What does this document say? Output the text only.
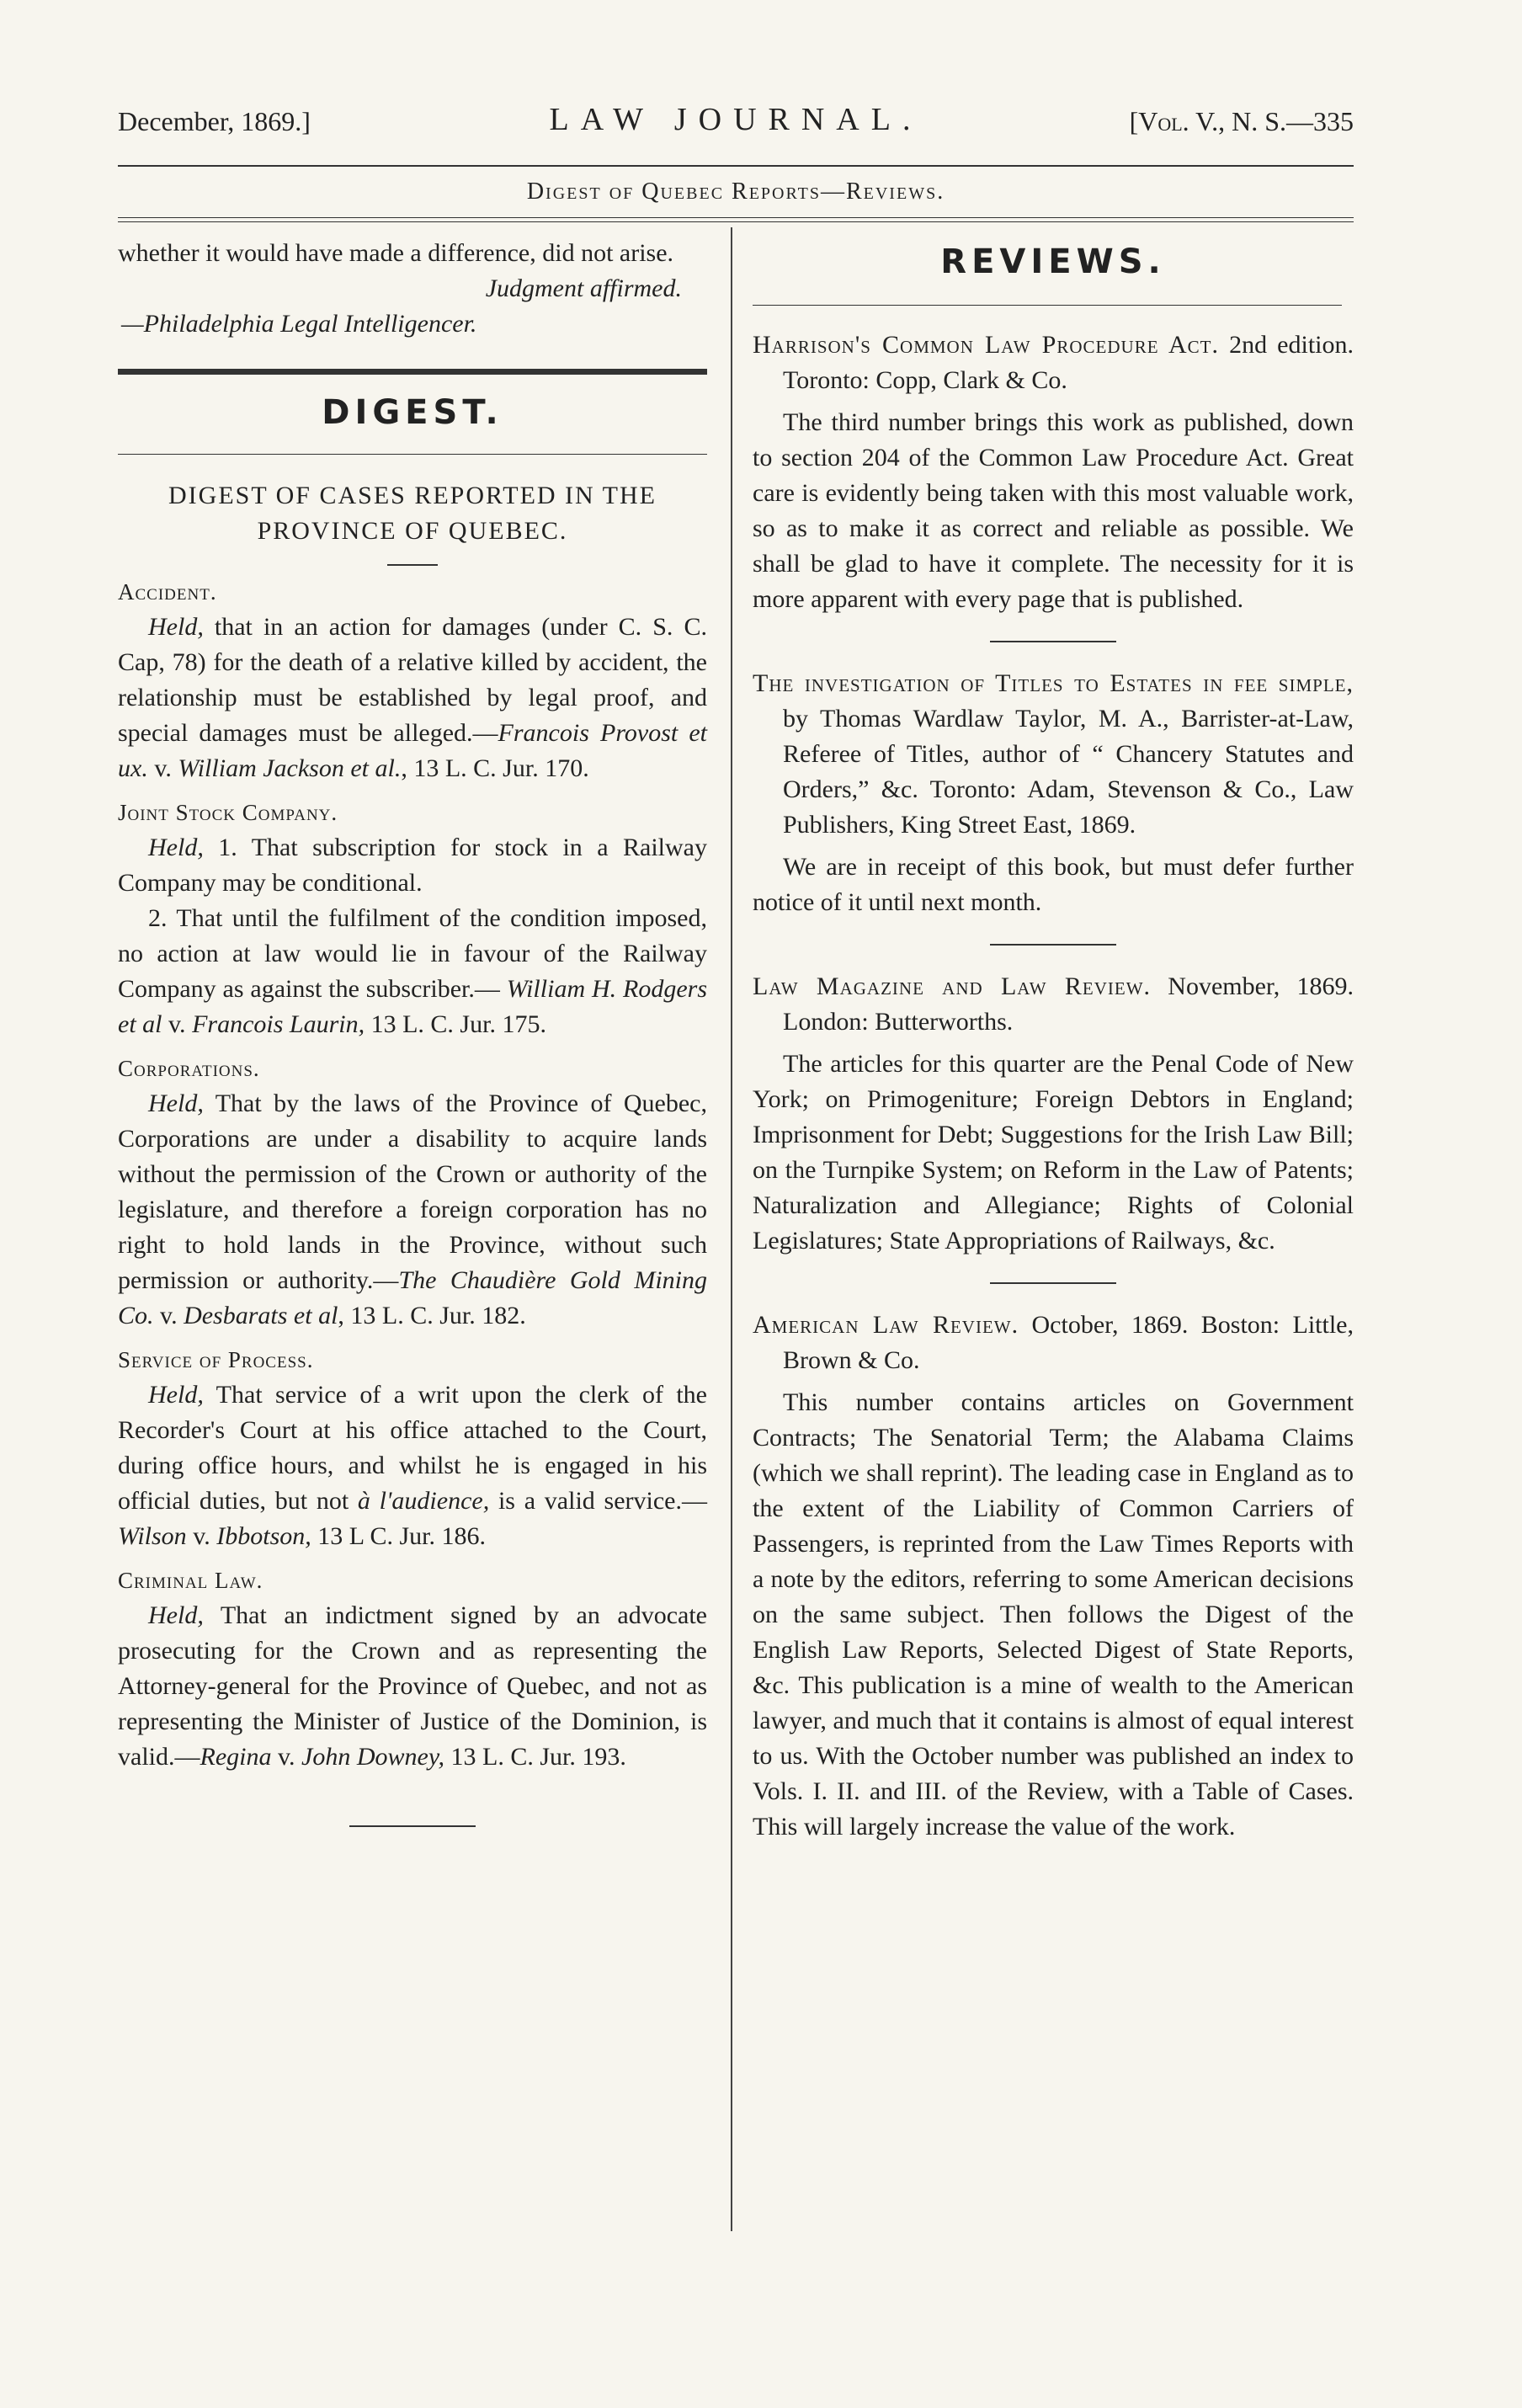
December, 1869.]	LAW JOURNAL.	[Vol. V., N. S.—335
Digest of Quebec Reports—Reviews.

whether it would have made a difference, did not arise.

Judgment affirmed.

—Philadelphia Legal Intelligencer.

DIGEST.

DIGEST OF CASES REPORTED IN THE PROVINCE OF QUEBEC.

Accident.

Held, that in an action for damages (under C. S. C. Cap, 78) for the death of a relative killed by accident, the relationship must be established by legal proof, and special damages must be alleged.—Francois Provost et ux. v. William Jackson et al., 13 L. C. Jur. 170.

Joint Stock Company.

Held, 1. That subscription for stock in a Railway Company may be conditional.

2. That until the fulfilment of the condition imposed, no action at law would lie in favour of the Railway Company as against the subscriber.— William H. Rodgers et al v. Francois Laurin, 13 L. C. Jur. 175.

Corporations.

Held, That by the laws of the Province of Quebec, Corporations are under a disability to acquire lands without the permission of the Crown or authority of the legislature, and therefore a foreign corporation has no right to hold lands in the Province, without such permission or authority.—The Chaudière Gold Mining Co. v. Desbarats et al, 13 L. C. Jur. 182.

Service of Process.

Held, That service of a writ upon the clerk of the Recorder's Court at his office attached to the Court, during office hours, and whilst he is engaged in his official duties, but not à l'audience, is a valid service.— Wilson v. Ibbotson, 13 L C. Jur. 186.

Criminal Law.

Held, That an indictment signed by an advocate prosecuting for the Crown and as representing the Attorney-general for the Province of Quebec, and not as representing the Minister of Justice of the Dominion, is valid.—Regina v. John Downey, 13 L. C. Jur. 193.

REVIEWS.

Harrison's Common Law Procedure Act. 2nd edition. Toronto: Copp, Clark & Co.

The third number brings this work as published, down to section 204 of the Common Law Procedure Act. Great care is evidently being taken with this most valuable work, so as to make it as correct and reliable as possible. We shall be glad to have it complete. The necessity for it is more apparent with every page that is published.

The investigation of Titles to Estates in fee simple, by Thomas Wardlaw Taylor, M. A., Barrister-at-Law, Referee of Titles, author of “ Chancery Statutes and Orders,” &c. Toronto: Adam, Stevenson & Co., Law Publishers, King Street East, 1869.

We are in receipt of this book, but must defer further notice of it until next month.

Law Magazine and Law Review. November, 1869. London: Butterworths.

The articles for this quarter are the Penal Code of New York; on Primogeniture; Foreign Debtors in England; Imprisonment for Debt; Suggestions for the Irish Law Bill; on the Turnpike System; on Reform in the Law of Patents; Naturalization and Allegiance; Rights of Colonial Legislatures; State Appropriations of Railways, &c.

American Law Review. October, 1869. Boston: Little, Brown & Co.

This number contains articles on Government Contracts; The Senatorial Term; the Alabama Claims (which we shall reprint). The leading case in England as to the extent of the Liability of Common Carriers of Passengers, is reprinted from the Law Times Reports with a note by the editors, referring to some American decisions on the same subject. Then follows the Digest of the English Law Reports, Selected Digest of State Reports, &c. This publication is a mine of wealth to the American lawyer, and much that it contains is almost of equal interest to us. With the October number was published an index to Vols. I. II. and III. of the Review, with a Table of Cases. This will largely increase the value of the work.
